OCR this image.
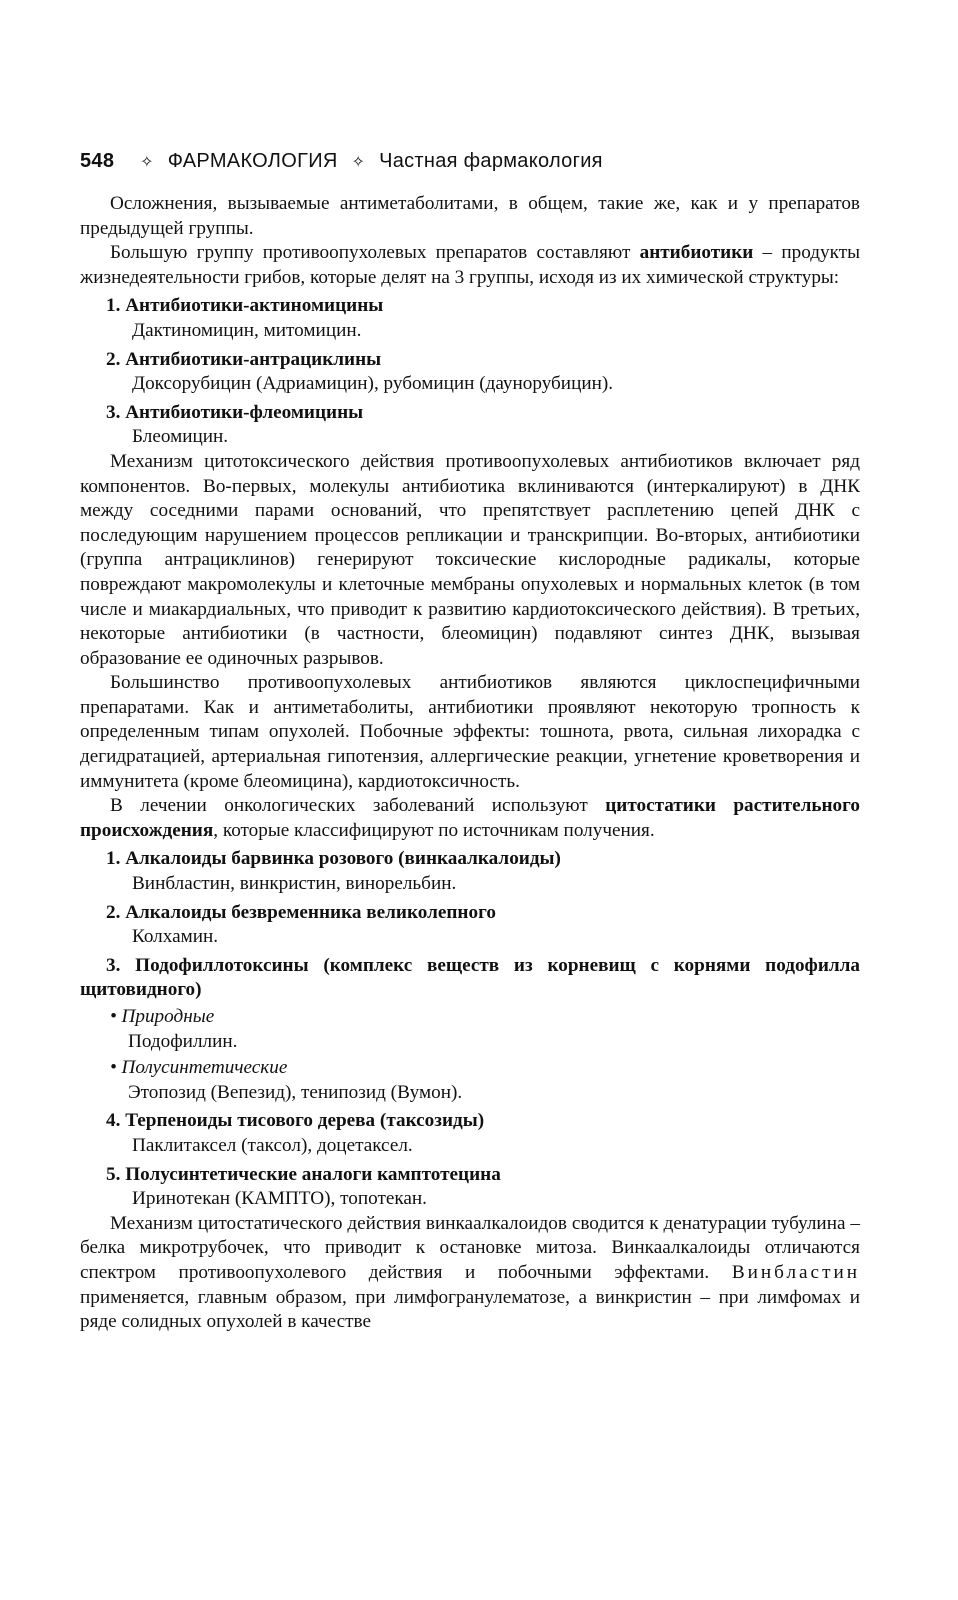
548 ✧ ФАРМАКОЛОГИЯ ✧ Частная фармакология

Осложнения, вызываемые антиметаболитами, в общем, такие же, как и у препаратов предыдущей группы.

Большую группу противоопухолевых препаратов составляют антибиотики – продукты жизнедеятельности грибов, которые делят на 3 группы, исходя из их химической структуры:

1. Антибиотики-актиномицины
Дактиномицин, митомицин.
2. Антибиотики-антрациклины
Доксорубицин (Адриамицин), рубомицин (даунорубицин).
3. Антибиотики-флеомицины
Блеомицин.

Механизм цитотоксического действия противоопухолевых антибиотиков включает ряд компонентов. Во-первых, молекулы антибиотика вклиниваются (интеркалируют) в ДНК между соседними парами оснований, что препятствует расплетению цепей ДНК с последующим нарушением процессов репликации и транскрипции. Во-вторых, антибиотики (группа антрациклинов) генерируют токсические кислородные радикалы, которые повреждают макромолекулы и клеточные мембраны опухолевых и нормальных клеток (в том числе и миакардиальных, что приводит к развитию кардиотоксического действия). В третьих, некоторые антибиотики (в частности, блеомицин) подавляют синтез ДНК, вызывая образование ее одиночных разрывов.

Большинство противоопухолевых антибиотиков являются циклоспецифичными препаратами. Как и антиметаболиты, антибиотики проявляют некоторую тропность к определенным типам опухолей. Побочные эффекты: тошнота, рвота, сильная лихорадка с дегидратацией, артериальная гипотензия, аллергические реакции, угнетение кроветворения и иммунитета (кроме блеомицина), кардиотоксичность.

В лечении онкологических заболеваний используют цитостатики растительного происхождения, которые классифицируют по источникам получения.

1. Алкалоиды барвинка розового (винкаалкалоиды)
Винбластин, винкристин, винорельбин.
2. Алкалоиды безвременника великолепного
Колхамин.
3. Подофиллотоксины (комплекс веществ из корневищ с корнями подофилла щитовидного)
• Природные
Подофиллин.
• Полусинтетические
Этопозид (Вепезид), тенипозид (Вумон).
4. Терпеноиды тисового дерева (таксозиды)
Паклитаксел (таксол), доцетаксел.
5. Полусинтетические аналоги камптотецина
Иринотекан (КАМПТО), топотекан.

Механизм цитостатического действия винкаалкалоидов сводится к денатурации тубулина – белка микротрубочек, что приводит к остановке митоза. Винкаалкалоиды отличаются спектром противоопухолевого действия и побочными эффектами. Винбластин применяется, главным образом, при лимфогранулематозе, а винкристин – при лимфомах и ряде солидных опухолей в качестве
